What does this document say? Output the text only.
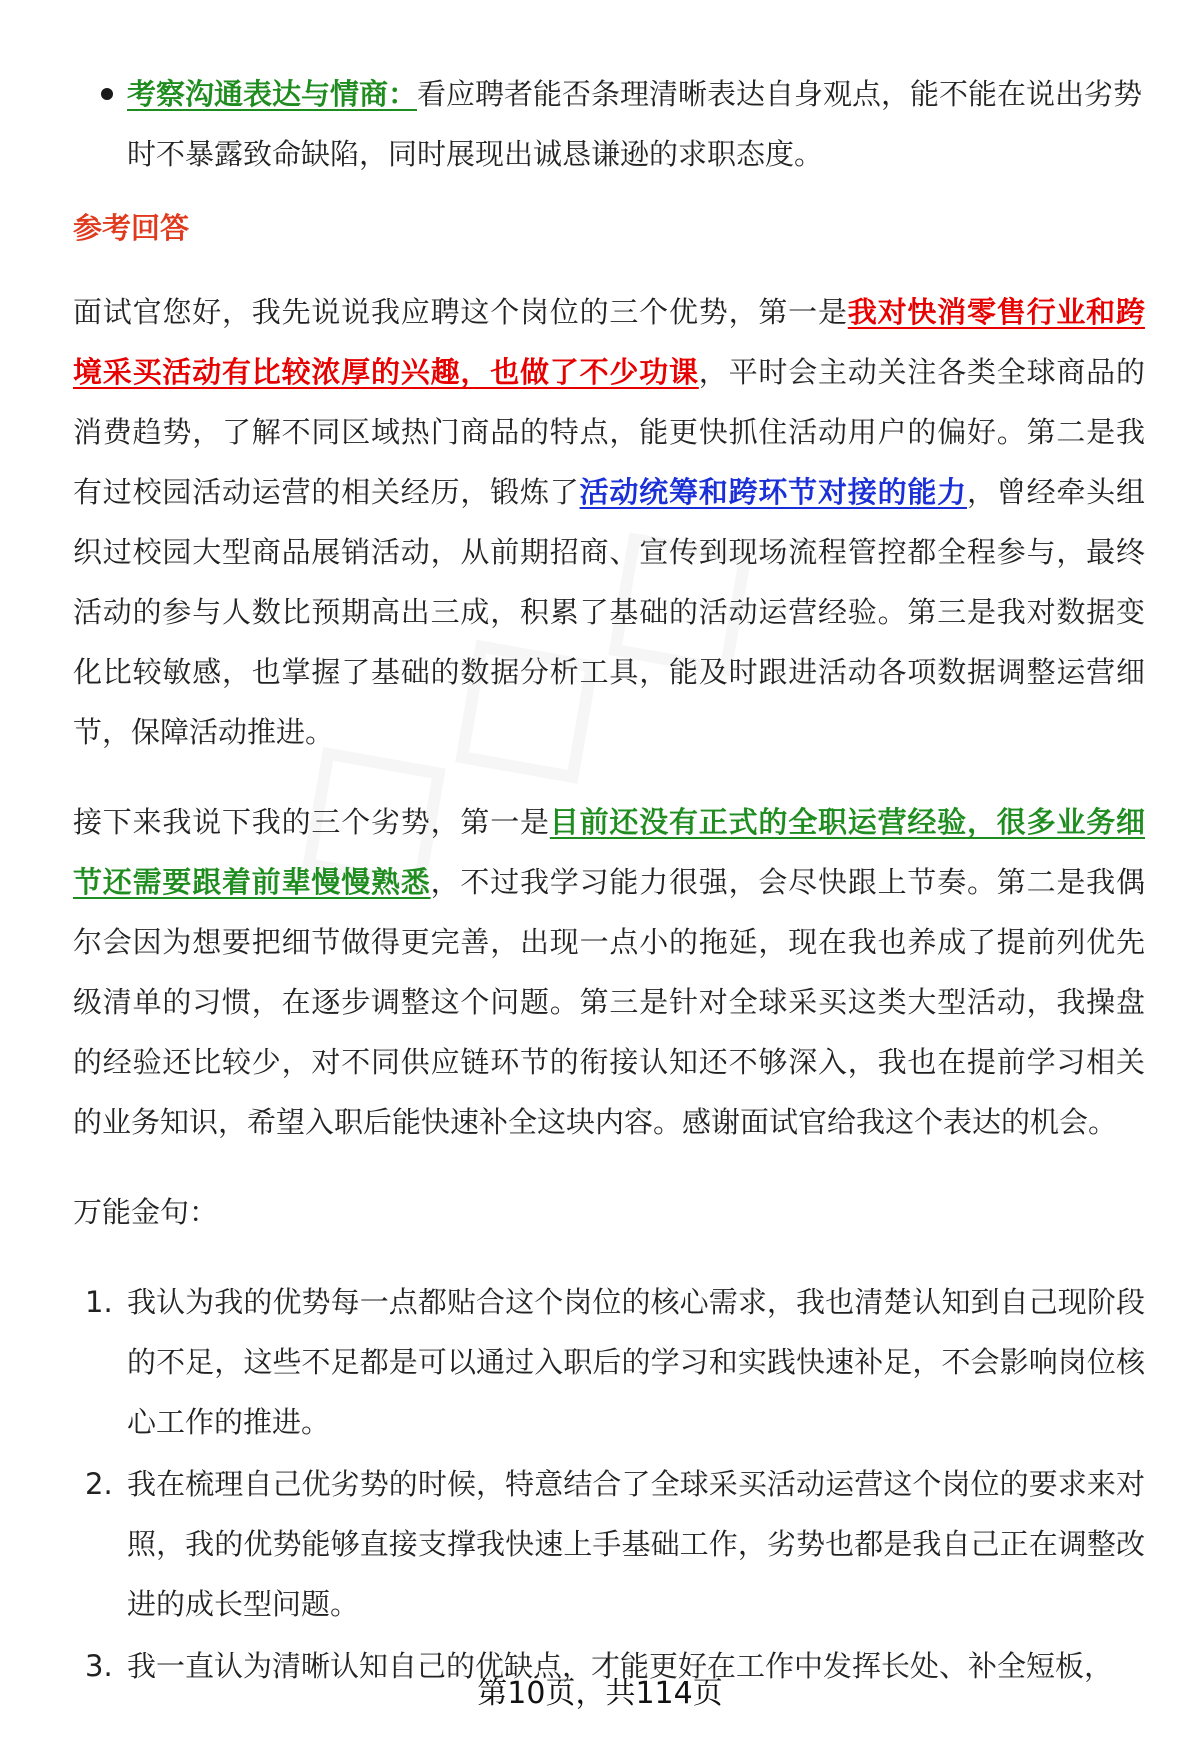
考察沟通表达与情商：看应聘者能否条理清晰表达自身观点，能不能在说出劣势时不暴露致命缺陷，同时展现出诚恳谦逊的求职态度。

参考回答

面试官您好，我先说说我应聘这个岗位的三个优势，第一是我对快消零售行业和跨境采买活动有比较浓厚的兴趣，也做了不少功课，平时会主动关注各类全球商品的消费趋势，了解不同区域热门商品的特点，能更快抓住活动用户的偏好。第二是我有过校园活动运营的相关经历，锻炼了活动统筹和跨环节对接的能力，曾经牵头组织过校园大型商品展销活动，从前期招商、宣传到现场流程管控都全程参与，最终活动的参与人数比预期高出三成，积累了基础的活动运营经验。第三是我对数据变化比较敏感，也掌握了基础的数据分析工具，能及时跟进活动各项数据调整运营细节，保障活动推进。

接下来我说下我的三个劣势，第一是目前还没有正式的全职运营经验，很多业务细节还需要跟着前辈慢慢熟悉，不过我学习能力很强，会尽快跟上节奏。第二是我偶尔会因为想要把细节做得更完善，出现一点小的拖延，现在我也养成了提前列优先级清单的习惯，在逐步调整这个问题。第三是针对全球采买这类大型活动，我操盘的经验还比较少，对不同供应链环节的衔接认知还不够深入，我也在提前学习相关的业务知识，希望入职后能快速补全这块内容。感谢面试官给我这个表达的机会。

万能金句：

1. 我认为我的优势每一点都贴合这个岗位的核心需求，我也清楚认知到自己现阶段的不足，这些不足都是可以通过入职后的学习和实践快速补足，不会影响岗位核心工作的推进。
2. 我在梳理自己优劣势的时候，特意结合了全球采买活动运营这个岗位的要求来对照，我的优势能够直接支撑我快速上手基础工作，劣势也都是我自己正在调整改进的成长型问题。
3. 我一直认为清晰认知自己的优缺点，才能更好在工作中发挥长处、补全短板，
第10页，共114页
